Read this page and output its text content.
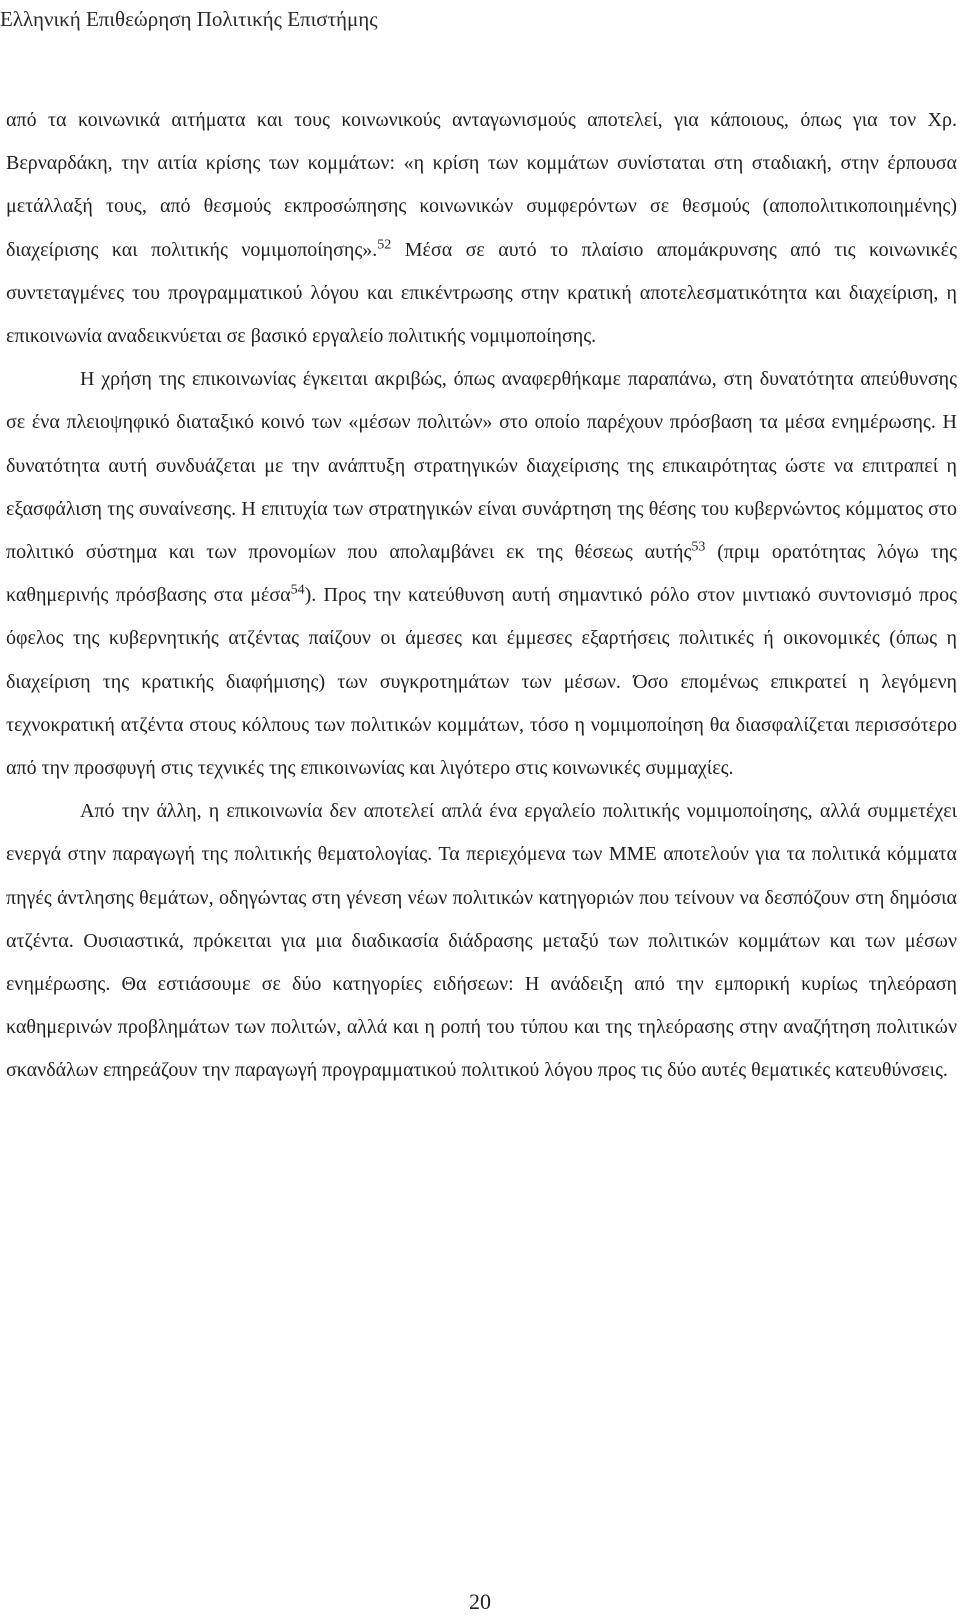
Ελληνική Επιθεώρηση Πολιτικής Επιστήμης

από τα κοινωνικά αιτήματα και τους κοινωνικούς ανταγωνισμούς αποτελεί, για κάποιους, όπως για τον Χρ. Βερναρδάκη, την αιτία κρίσης των κομμάτων: «η κρίση των κομμάτων συνίσταται στη σταδιακή, στην έρπουσα μετάλλαξή τους, από θεσμούς εκπροσώπησης κοινωνικών συμφερόντων σε θεσμούς (αποπολιτικοποιημένης) διαχείρισης και πολιτικής νομιμοποίησης».$^{52}$ Μέσα σε αυτό το πλαίσιο απομάκρυνσης από τις κοινωνικές συντεταγμένες του προγραμματικού λόγου και επικέντρωσης στην κρατική αποτελεσματικότητα και διαχείριση, η επικοινωνία αναδεικνύεται σε βασικό εργαλείο πολιτικής νομιμοποίησης.

Η χρήση της επικοινωνίας έγκειται ακριβώς, όπως αναφερθήκαμε παραπάνω, στη δυνατότητα απεύθυνσης σε ένα πλειοψηφικό διαταξικό κοινό των «μέσων πολιτών» στο οποίο παρέχουν πρόσβαση τα μέσα ενημέρωσης. Η δυνατότητα αυτή συνδυάζεται με την ανάπτυξη στρατηγικών διαχείρισης της επικαιρότητας ώστε να επιτραπεί η εξασφάλιση της συναίνεσης. Η επιτυχία των στρατηγικών είναι συνάρτηση της θέσης του κυβερνώντος κόμματος στο πολιτικό σύστημα και των προνομίων που απολαμβάνει εκ της θέσεως αυτής$^{53}$ (πριμ ορατότητας λόγω της καθημερινής πρόσβασης στα μέσα$^{54}$). Προς την κατεύθυνση αυτή σημαντικό ρόλο στον μιντιακό συντονισμό προς όφελος της κυβερνητικής ατζέντας παίζουν οι άμεσες και έμμεσες εξαρτήσεις πολιτικές ή οικονομικές (όπως η διαχείριση της κρατικής διαφήμισης) των συγκροτημάτων των μέσων. Όσο επομένως επικρατεί η λεγόμενη τεχνοκρατική ατζέντα στους κόλπους των πολιτικών κομμάτων, τόσο η νομιμοποίηση θα διασφαλίζεται περισσότερο από την προσφυγή στις τεχνικές της επικοινωνίας και λιγότερο στις κοινωνικές συμμαχίες.

Από την άλλη, η επικοινωνία δεν αποτελεί απλά ένα εργαλείο πολιτικής νομιμοποίησης, αλλά συμμετέχει ενεργά στην παραγωγή της πολιτικής θεματολογίας. Τα περιεχόμενα των ΜΜΕ αποτελούν για τα πολιτικά κόμματα πηγές άντλησης θεμάτων, οδηγώντας στη γένεση νέων πολιτικών κατηγοριών που τείνουν να δεσπόζουν στη δημόσια ατζέντα. Ουσιαστικά, πρόκειται για μια διαδικασία διάδρασης μεταξύ των πολιτικών κομμάτων και των μέσων ενημέρωσης. Θα εστιάσουμε σε δύο κατηγορίες ειδήσεων: Η ανάδειξη από την εμπορική κυρίως τηλεόραση καθημερινών προβλημάτων των πολιτών, αλλά και η ροπή του τύπου και της τηλεόρασης στην αναζήτηση πολιτικών σκανδάλων επηρεάζουν την παραγωγή προγραμματικού πολιτικού λόγου προς τις δύο αυτές θεματικές κατευθύνσεις.

20
